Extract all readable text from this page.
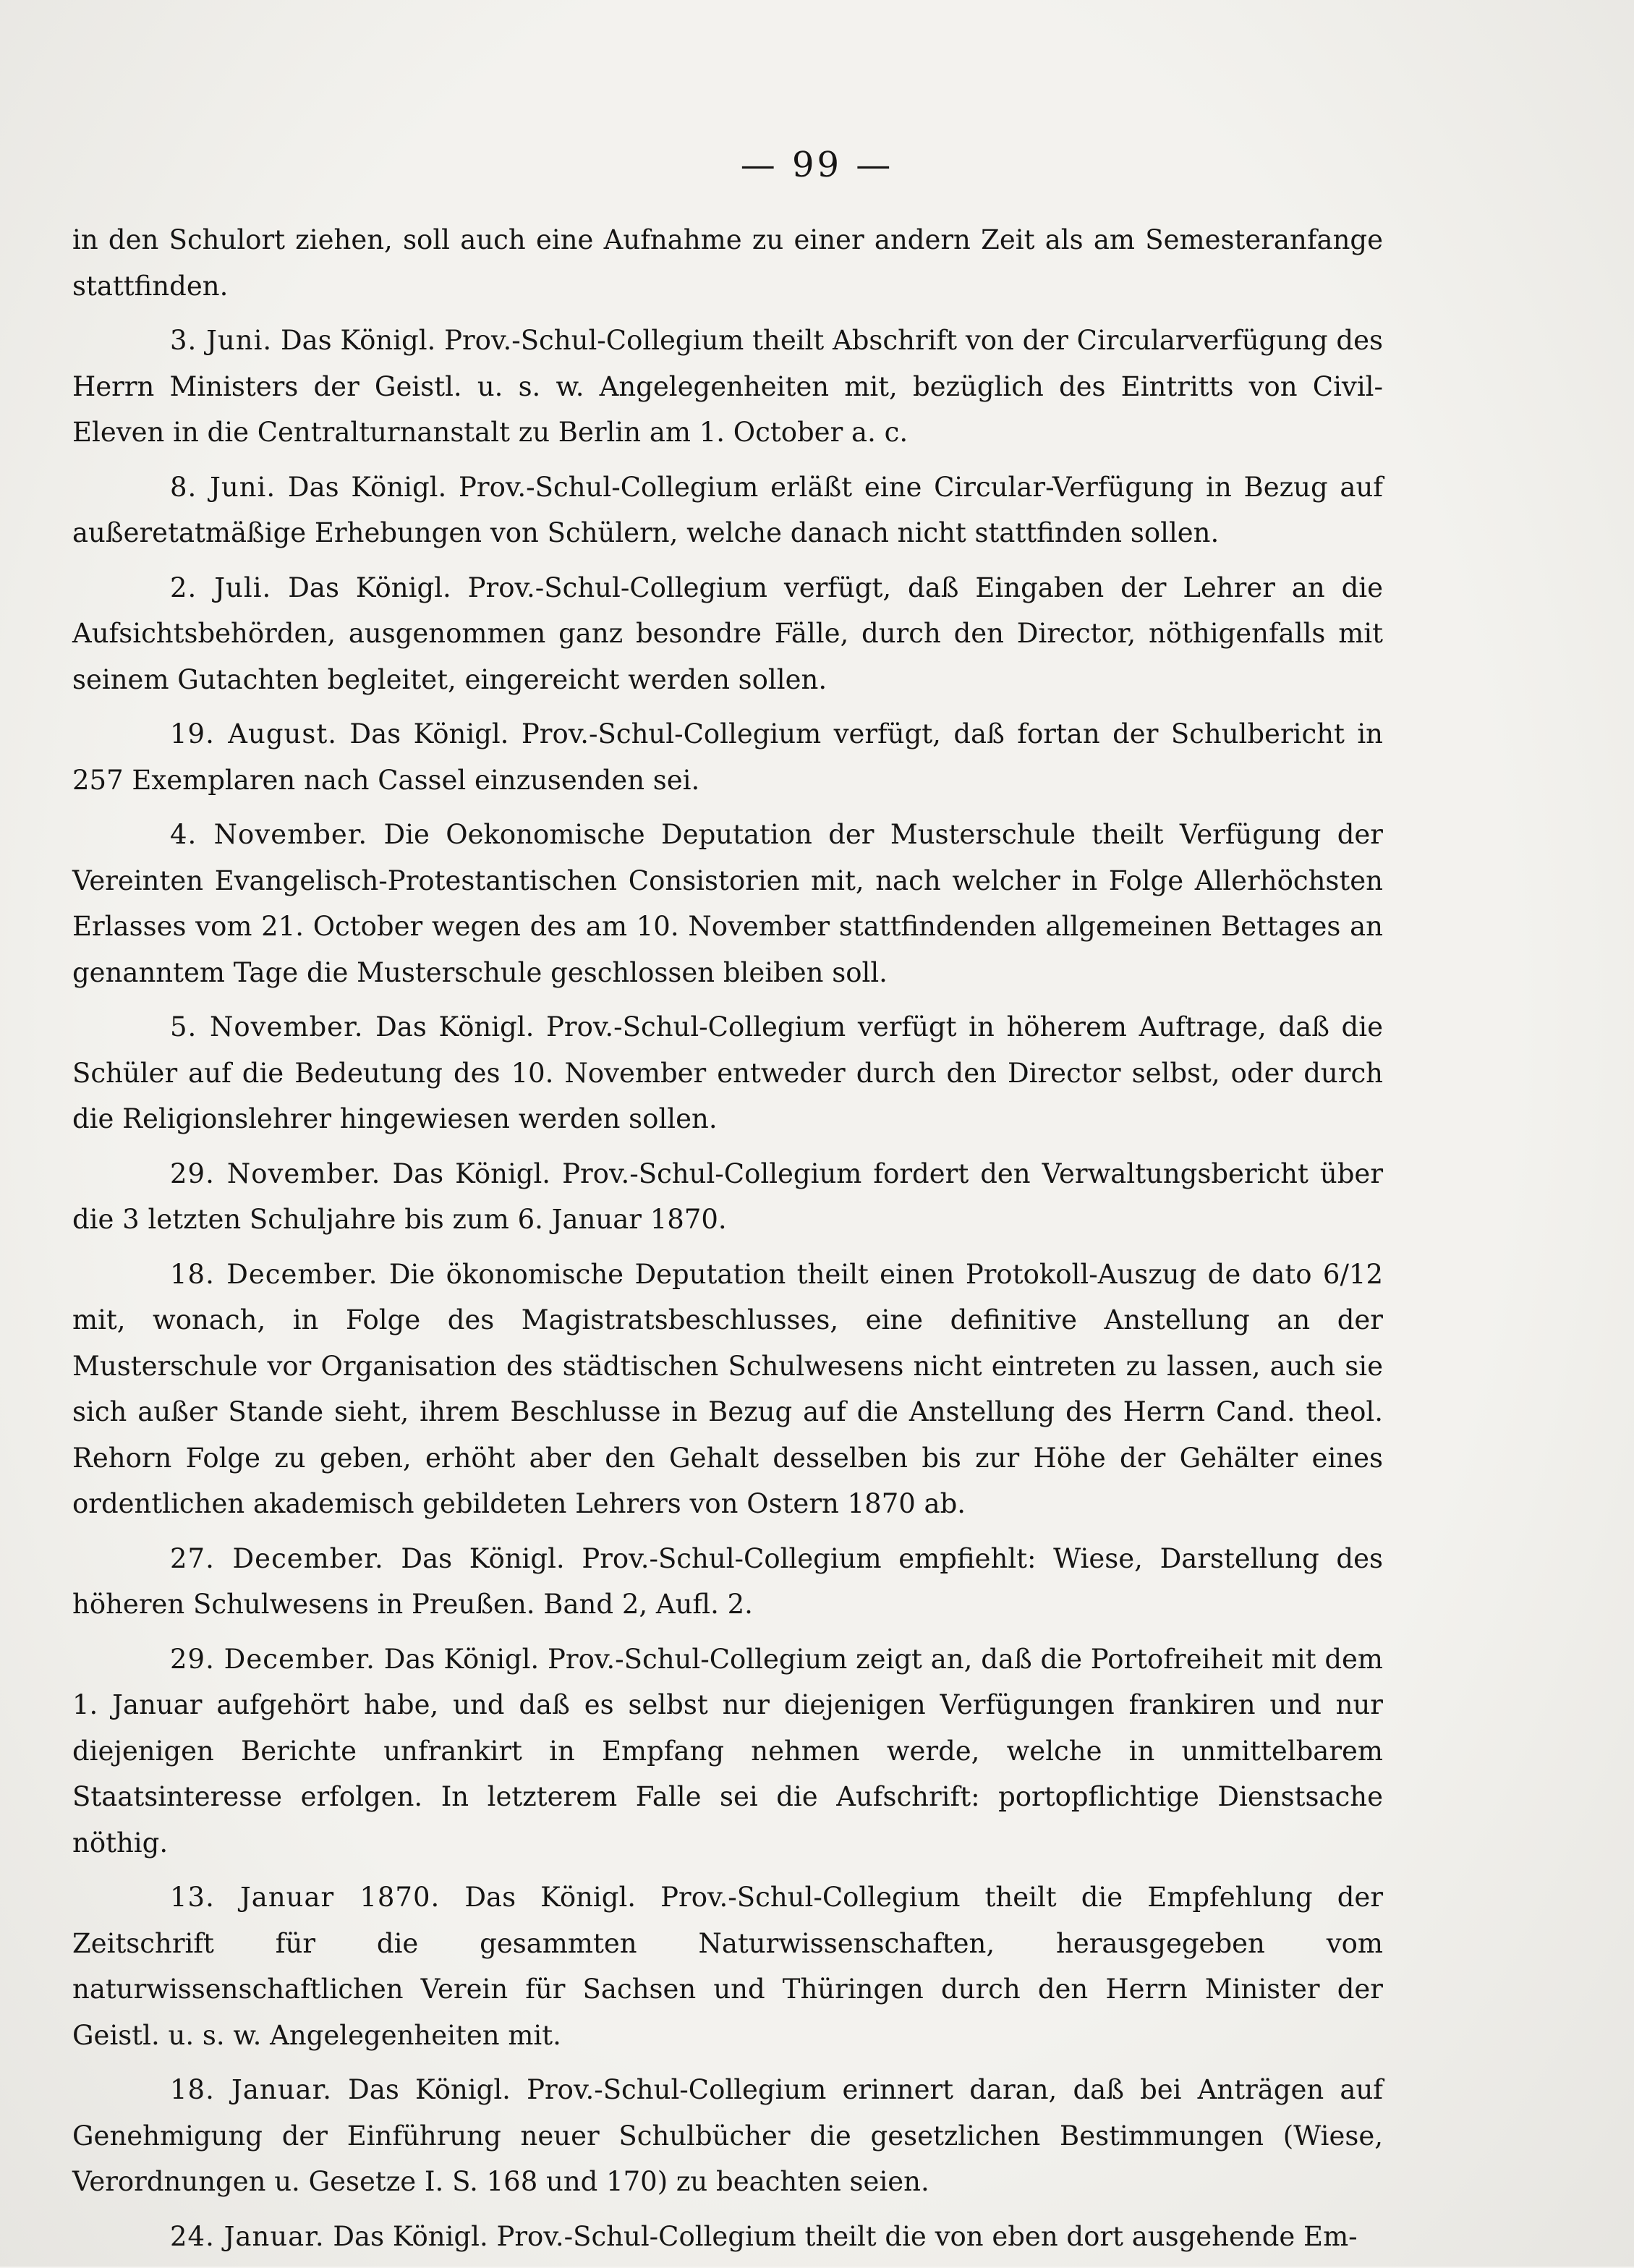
— 99 —

in den Schulort ziehen, soll auch eine Aufnahme zu einer andern Zeit als am Semesteranfange stattfinden.

3. Juni. Das Königl. Prov.-Schul-Collegium theilt Abschrift von der Circularverfügung des Herrn Ministers der Geistl. u. s. w. Angelegenheiten mit, bezüglich des Eintritts von Civil-Eleven in die Centralturnanstalt zu Berlin am 1. October a. c.

8. Juni. Das Königl. Prov.-Schul-Collegium erläßt eine Circular-Verfügung in Bezug auf außeretatmäßige Erhebungen von Schülern, welche danach nicht stattfinden sollen.

2. Juli. Das Königl. Prov.-Schul-Collegium verfügt, daß Eingaben der Lehrer an die Aufsichtsbehörden, ausgenommen ganz besondre Fälle, durch den Director, nöthigenfalls mit seinem Gutachten begleitet, eingereicht werden sollen.

19. August. Das Königl. Prov.-Schul-Collegium verfügt, daß fortan der Schulbericht in 257 Exemplaren nach Cassel einzusenden sei.

4. November. Die Oekonomische Deputation der Musterschule theilt Verfügung der Vereinten Evangelisch-Protestantischen Consistorien mit, nach welcher in Folge Allerhöchsten Erlasses vom 21. October wegen des am 10. November stattfindenden allgemeinen Bettages an genanntem Tage die Musterschule geschlossen bleiben soll.

5. November. Das Königl. Prov.-Schul-Collegium verfügt in höherem Auftrage, daß die Schüler auf die Bedeutung des 10. November entweder durch den Director selbst, oder durch die Religionslehrer hingewiesen werden sollen.

29. November. Das Königl. Prov.-Schul-Collegium fordert den Verwaltungsbericht über die 3 letzten Schuljahre bis zum 6. Januar 1870.

18. December. Die ökonomische Deputation theilt einen Protokoll-Auszug de dato 6/12 mit, wonach, in Folge des Magistratsbeschlusses, eine definitive Anstellung an der Musterschule vor Organisation des städtischen Schulwesens nicht eintreten zu lassen, auch sie sich außer Stande sieht, ihrem Beschlusse in Bezug auf die Anstellung des Herrn Cand. theol. Rehorn Folge zu geben, erhöht aber den Gehalt desselben bis zur Höhe der Gehälter eines ordentlichen akademisch gebildeten Lehrers von Ostern 1870 ab.

27. December. Das Königl. Prov.-Schul-Collegium empfiehlt: Wiese, Darstellung des höheren Schulwesens in Preußen. Band 2, Aufl. 2.

29. December. Das Königl. Prov.-Schul-Collegium zeigt an, daß die Portofreiheit mit dem 1. Januar aufgehört habe, und daß es selbst nur diejenigen Verfügungen frankiren und nur diejenigen Berichte unfrankirt in Empfang nehmen werde, welche in unmittelbarem Staatsinteresse erfolgen. In letzterem Falle sei die Aufschrift: portopflichtige Dienstsache nöthig.

13. Januar 1870. Das Königl. Prov.-Schul-Collegium theilt die Empfehlung der Zeitschrift für die gesammten Naturwissenschaften, herausgegeben vom naturwissenschaftlichen Verein für Sachsen und Thüringen durch den Herrn Minister der Geistl. u. s. w. Angelegenheiten mit.

18. Januar. Das Königl. Prov.-Schul-Collegium erinnert daran, daß bei Anträgen auf Genehmigung der Einführung neuer Schulbücher die gesetzlichen Bestimmungen (Wiese, Verordnungen u. Gesetze I. S. 168 und 170) zu beachten seien.

24. Januar. Das Königl. Prov.-Schul-Collegium theilt die von eben dort ausgehende Em-
